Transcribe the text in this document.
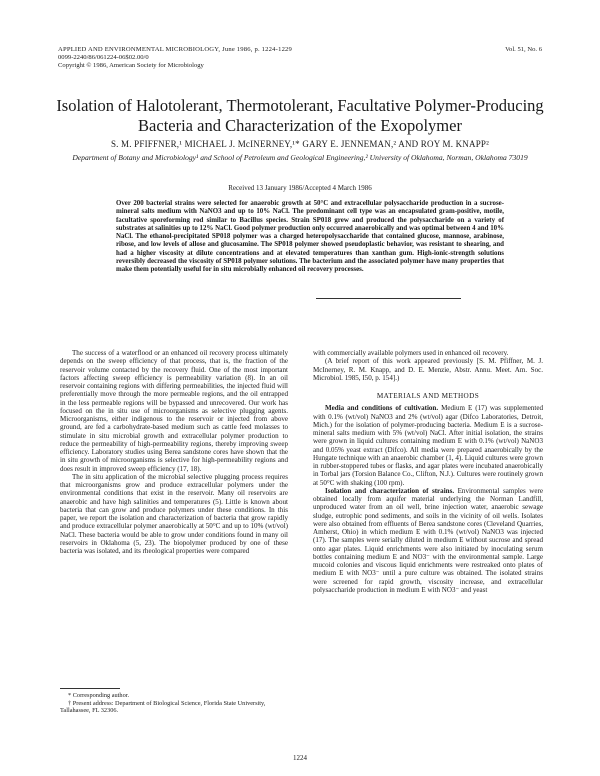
APPLIED AND ENVIRONMENTAL MICROBIOLOGY, June 1986, p. 1224-1229
0099-2240/86/061224-06$02.00/0
Copyright © 1986, American Society for Microbiology
Vol. 51, No. 6
Isolation of Halotolerant, Thermotolerant, Facultative Polymer-Producing Bacteria and Characterization of the Exopolymer
S. M. PFIFFNER,¹ MICHAEL J. McINERNEY,¹* GARY E. JENNEMAN,² AND ROY M. KNAPP²
Department of Botany and Microbiology¹ and School of Petroleum and Geological Engineering,² University of Oklahoma, Norman, Oklahoma 73019
Received 13 January 1986/Accepted 4 March 1986
Over 200 bacterial strains were selected for anaerobic growth at 50°C and extracellular polysaccharide production in a sucrose-mineral salts medium with NaNO3 and up to 10% NaCl. The predominant cell type was an encapsulated gram-positive, motile, facultative sporeforming rod similar to Bacillus species. Strain SP018 grew and produced the polysaccharide on a variety of substrates at salinities up to 12% NaCl. Good polymer production only occurred anaerobically and was optimal between 4 and 10% NaCl. The ethanol-precipitated SP018 polymer was a charged heteropolysaccharide that contained glucose, mannose, arabinose, ribose, and low levels of allose and glucosamine. The SP018 polymer showed pseudoplastic behavior, was resistant to shearing, and had a higher viscosity at dilute concentrations and at elevated temperatures than xanthan gum. High-ionic-strength solutions reversibly decreased the viscosity of SP018 polymer solutions. The bacterium and the associated polymer have many properties that make them potentially useful for in situ microbially enhanced oil recovery processes.

The success of a waterflood or an enhanced oil recovery process ultimately depends on the sweep efficiency of that process, that is, the fraction of the reservoir volume contacted by the recovery fluid. One of the most important factors affecting sweep efficiency is permeability variation (8). In an oil reservoir containing regions with differing permeabilities, the injected fluid will preferentially move through the more permeable regions, and the oil entrapped in the less permeable regions will be bypassed and unrecovered. Our work has focused on the in situ use of microorganisms as selective plugging agents. Microorganisms, either indigenous to the reservoir or injected from above ground, are fed a carbohydrate-based medium such as cattle feed molasses to stimulate in situ microbial growth and extracellular polymer production to reduce the permeability of high-permeability regions, thereby improving sweep efficiency. Laboratory studies using Berea sandstone cores have shown that the in situ growth of microorganisms is selective for high-permeability regions and does result in improved sweep efficiency (17, 18).

The in situ application of the microbial selective plugging process requires that microorganisms grow and produce extracellular polymers under the environmental conditions that exist in the reservoir. Many oil reservoirs are anaerobic and have high salinities and temperatures (5). Little is known about bacteria that can grow and produce polymers under these conditions. In this paper, we report the isolation and characterization of bacteria that grow rapidly and produce extracellular polymer anaerobically at 50°C and up to 10% (wt/vol) NaCl. These bacteria would be able to grow under conditions found in many oil reservoirs in Oklahoma (5, 23). The biopolymer produced by one of these bacteria was isolated, and its rheological properties were compared

with commercially available polymers used in enhanced oil recovery.

(A brief report of this work appeared previously [S. M. Pfiffner, M. J. McInerney, R. M. Knapp, and D. E. Menzie, Abstr. Annu. Meet. Am. Soc. Microbiol. 1985, I50, p. 154].)

MATERIALS AND METHODS

Media and conditions of cultivation. Medium E (17) was supplemented with 0.1% (wt/vol) NaNO3 and 2% (wt/vol) agar (Difco Laboratories, Detroit, Mich.) for the isolation of polymer-producing bacteria. Medium E is a sucrose-mineral salts medium with 5% (wt/vol) NaCl. After initial isolation, the strains were grown in liquid cultures containing medium E with 0.1% (wt/vol) NaNO3 and 0.05% yeast extract (Difco). All media were prepared anaerobically by the Hungate technique with an anaerobic chamber (1, 4). Liquid cultures were grown in rubber-stoppered tubes or flasks, and agar plates were incubated anaerobically in Torbal jars (Torsion Balance Co., Clifton, N.J.). Cultures were routinely grown at 50°C with shaking (100 rpm).

Isolation and characterization of strains. Environmental samples were obtained locally from aquifer material underlying the Norman Landfill, unproduced water from an oil well, brine injection water, anaerobic sewage sludge, eutrophic pond sediments, and soils in the vicinity of oil wells. Isolates were also obtained from effluents of Berea sandstone cores (Cleveland Quarries, Amherst, Ohio) in which medium E with 0.1% (wt/vol) NaNO3 was injected (17). The samples were serially diluted in medium E without sucrose and spread onto agar plates. Liquid enrichments were also initiated by inoculating serum bottles containing medium E and NO3⁻ with the environmental sample. Large mucoid colonies and viscous liquid enrichments were restreaked onto plates of medium E with NO3⁻ until a pure culture was obtained. The isolated strains were screened for rapid growth, viscosity increase, and extracellular polysaccharide production in medium E with NO3⁻ and yeast

* Corresponding author.
† Present address: Department of Biological Science, Florida State University, Tallahassee, FL 32306.
1224
